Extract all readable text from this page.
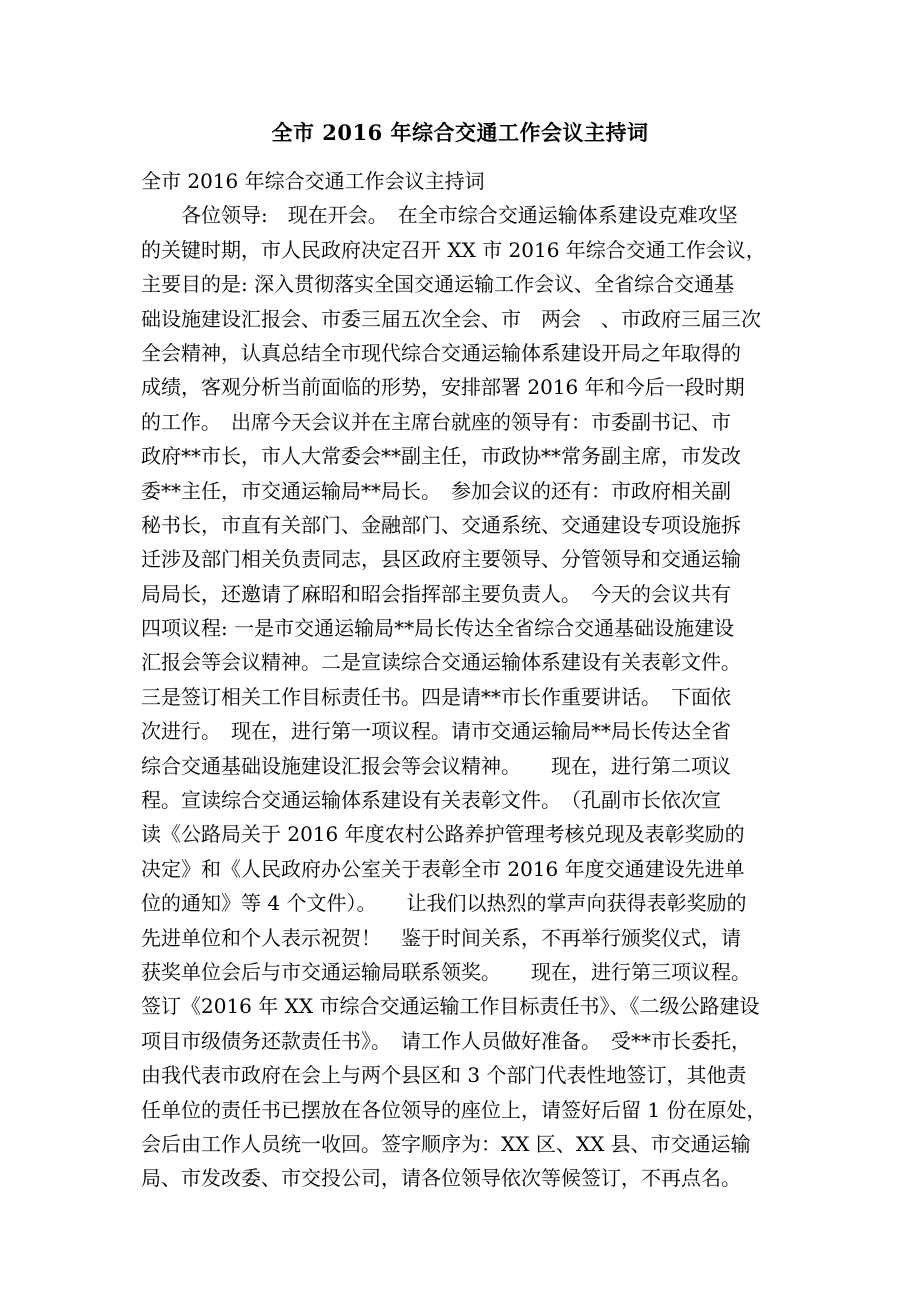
全市 2016 年综合交通工作会议主持词
全市 2016 年综合交通工作会议主持词
　　各位领导:　现在开会。　在全市综合交通运输体系建设克难攻坚
的关键时期，市人民政府决定召开 XX 市 2016 年综合交通工作会议，
主要目的是: 深入贯彻落实全国交通运输工作会议、全省综合交通基
础设施建设汇报会、市委三届五次全会、市　两会　、市政府三届三次
全会精神，认真总结全市现代综合交通运输体系建设开局之年取得的
成绩，客观分析当前面临的形势，安排部署 2016 年和今后一段时期
的工作。　出席今天会议并在主席台就座的领导有：市委副书记、市
政府**市长，市人大常委会**副主任，市政协**常务副主席，市发改
委**主任，市交通运输局**局长。　参加会议的还有：市政府相关副
秘书长，市直有关部门、金融部门、交通系统、交通建设专项设施拆
迁涉及部门相关负责同志，县区政府主要领导、分管领导和交通运输
局局长，还邀请了麻昭和昭会指挥部主要负责人。　今天的会议共有
四项议程: 一是市交通运输局**局长传达全省综合交通基础设施建设
汇报会等会议精神。二是宣读综合交通运输体系建设有关表彰文件。
三是签订相关工作目标责任书。四是请**市长作重要讲话。　下面依
次进行。　现在，进行第一项议程。请市交通运输局**局长传达全省
综合交通基础设施建设汇报会等会议精神。　　现在，进行第二项议
程。宣读综合交通运输体系建设有关表彰文件。　（孔副市长依次宣
读《公路局关于 2016 年度农村公路养护管理考核兑现及表彰奖励的
决定》和《人民政府办公室关于表彰全市 2016 年度交通建设先进单
位的通知》等 4 个文件）。　　让我们以热烈的掌声向获得表彰奖励的
先进单位和个人表示祝贺！　鉴于时间关系，不再举行颁奖仪式，请
获奖单位会后与市交通运输局联系领奖。　　现在，进行第三项议程。
签订《2016 年 XX 市综合交通运输工作目标责任书》、《二级公路建设
项目市级债务还款责任书》。　请工作人员做好准备。　受**市长委托，
由我代表市政府在会上与两个县区和 3 个部门代表性地签订，其他责
任单位的责任书已摆放在各位领导的座位上，请签好后留 1 份在原处，
会后由工作人员统一收回。签字顺序为：XX 区、XX 县、市交通运输
局、市发改委、市交投公司，请各位领导依次等候签订，不再点名。
